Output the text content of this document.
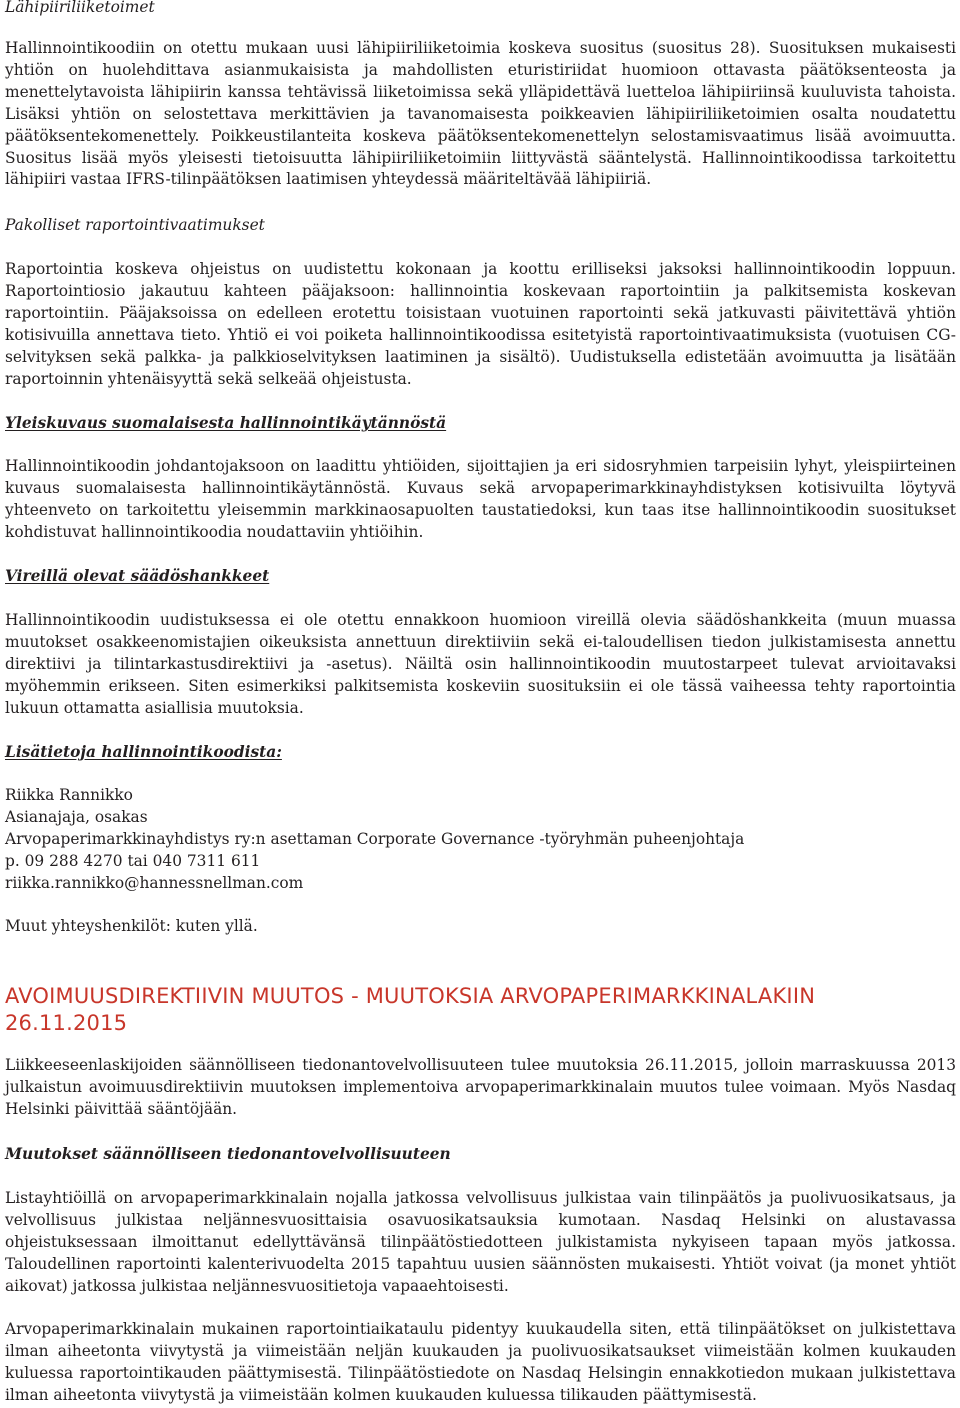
Lähipiiriliiketoimet

Hallinnointikoodiin on otettu mukaan uusi lähipiiriliiketoimia koskeva suositus (suositus 28). Suosituksen mukaisesti yhtiön on huolehdittava asianmukaisista ja mahdollisten eturistiriidat huomioon ottavasta päätöksenteosta ja menettelytavoista lähipiirin kanssa tehtävissä liiketoimissa sekä ylläpidettävä luetteloa lähipiiriinsä kuuluvista tahoista. Lisäksi yhtiön on selostettava merkittävien ja tavanomaisesta poikkeavien lähipiiriliiketoimien osalta noudatettu päätöksentekomenettely. Poikkeustilanteita koskeva päätöksentekomenettelyn selostamisvaatimus lisää avoimuutta. Suositus lisää myös yleisesti tietoisuutta lähipiiriliiketoimiin liittyvästä sääntelystä. Hallinnointikoodissa tarkoitettu lähipiiri vastaa IFRS-tilinpäätöksen laatimisen yhteydessä määriteltävää lähipiiriä.

Pakolliset raportointivaatimukset

Raportointia koskeva ohjeistus on uudistettu kokonaan ja koottu erilliseksi jaksoksi hallinnointikoodin loppuun. Raportointiosio jakautuu kahteen pääjaksoon: hallinnointia koskevaan raportointiin ja palkitsemista koskevan raportointiin. Pääjaksoissa on edelleen erotettu toisistaan vuotuinen raportointi sekä jatkuvasti päivitettävä yhtiön kotisivuilla annettava tieto. Yhtiö ei voi poiketa hallinnointikoodissa esitetyistä raportointivaatimuksista (vuotuisen CG-selvityksen sekä palkka- ja palkkioselvityksen laatiminen ja sisältö). Uudistuksella edistetään avoimuutta ja lisätään raportoinnin yhtenäisyyttä sekä selkeää ohjeistusta.

Yleiskuvaus suomalaisesta hallinnointikäytännöstä

Hallinnointikoodin johdantojaksoon on laadittu yhtiöiden, sijoittajien ja eri sidosryhmien tarpeisiin lyhyt, yleispiirteinen kuvaus suomalaisesta hallinnointikäytännöstä. Kuvaus sekä arvopaperimarkkinayhdistyksen kotisivuilta löytyvä yhteenveto on tarkoitettu yleisemmin markkinaosapuolten taustatiedoksi, kun taas itse hallinnointikoodin suositukset kohdistuvat hallinnointikoodia noudattaviin yhtiöihin.

Vireillä olevat säädöshankkeet

Hallinnointikoodin uudistuksessa ei ole otettu ennakkoon huomioon vireillä olevia säädöshankkeita (muun muassa muutokset osakkeenomistajien oikeuksista annettuun direktiiviin sekä ei-taloudellisen tiedon julkistamisesta annettu direktiivi ja tilintarkastusdirektiivi ja -asetus). Näiltä osin hallinnointikoodin muutostarpeet tulevat arvioitavaksi myöhemmin erikseen. Siten esimerkiksi palkitsemista koskeviin suosituksiin ei ole tässä vaiheessa tehty raportointia lukuun ottamatta asiallisia muutoksia.

Lisätietoja hallinnointikoodista:
Riikka Rannikko
Asianajaja, osakas
Arvopaperimarkkinayhdistys ry:n asettaman Corporate Governance -työryhmän puheenjohtaja
p. 09 288 4270 tai 040 7311 611
riikka.rannikko@hannessnellman.com
Muut yhteyshenkilöt: kuten yllä.
AVOIMUUSDIREKTIIVIN MUUTOS - MUUTOKSIA ARVOPAPERIMARKKINALAKIIN
26.11.2015

Liikkeeseenlaskijoiden säännölliseen tiedonantovelvollisuuteen tulee muutoksia 26.11.2015, jolloin marraskuussa 2013 julkaistun avoimuusdirektiivin muutoksen implementoiva arvopaperimarkkinalain muutos tulee voimaan. Myös Nasdaq Helsinki päivittää sääntöjään.

Muutokset säännölliseen tiedonantovelvollisuuteen

Listayhtiöillä on arvopaperimarkkinalain nojalla jatkossa velvollisuus julkistaa vain tilinpäätös ja puolivuosikatsaus, ja velvollisuus julkistaa neljännesvuosittaisia osavuosikatsauksia kumotaan. Nasdaq Helsinki on alustavassa ohjeistuksessaan ilmoittanut edellyttävänsä tilinpäätöstiedotteen julkistamista nykyiseen tapaan myös jatkossa. Taloudellinen raportointi kalenterivuodelta 2015 tapahtuu uusien säännösten mukaisesti. Yhtiöt voivat (ja monet yhtiöt aikovat) jatkossa julkistaa neljännesvuositietoja vapaaehtoisesti.

Arvopaperimarkkinalain mukainen raportointiaikataulu pidentyy kuukaudella siten, että tilinpäätökset on julkistettava ilman aiheetonta viivytystä ja viimeistään neljän kuukauden ja puolivuosikatsaukset viimeistään kolmen kuukauden kuluessa raportointikauden päättymisestä. Tilinpäätöstiedote on Nasdaq Helsingin ennakkotiedon mukaan julkistettava ilman aiheetonta viivytystä ja viimeistään kolmen kuukauden kuluessa tilikauden päättymisestä.
